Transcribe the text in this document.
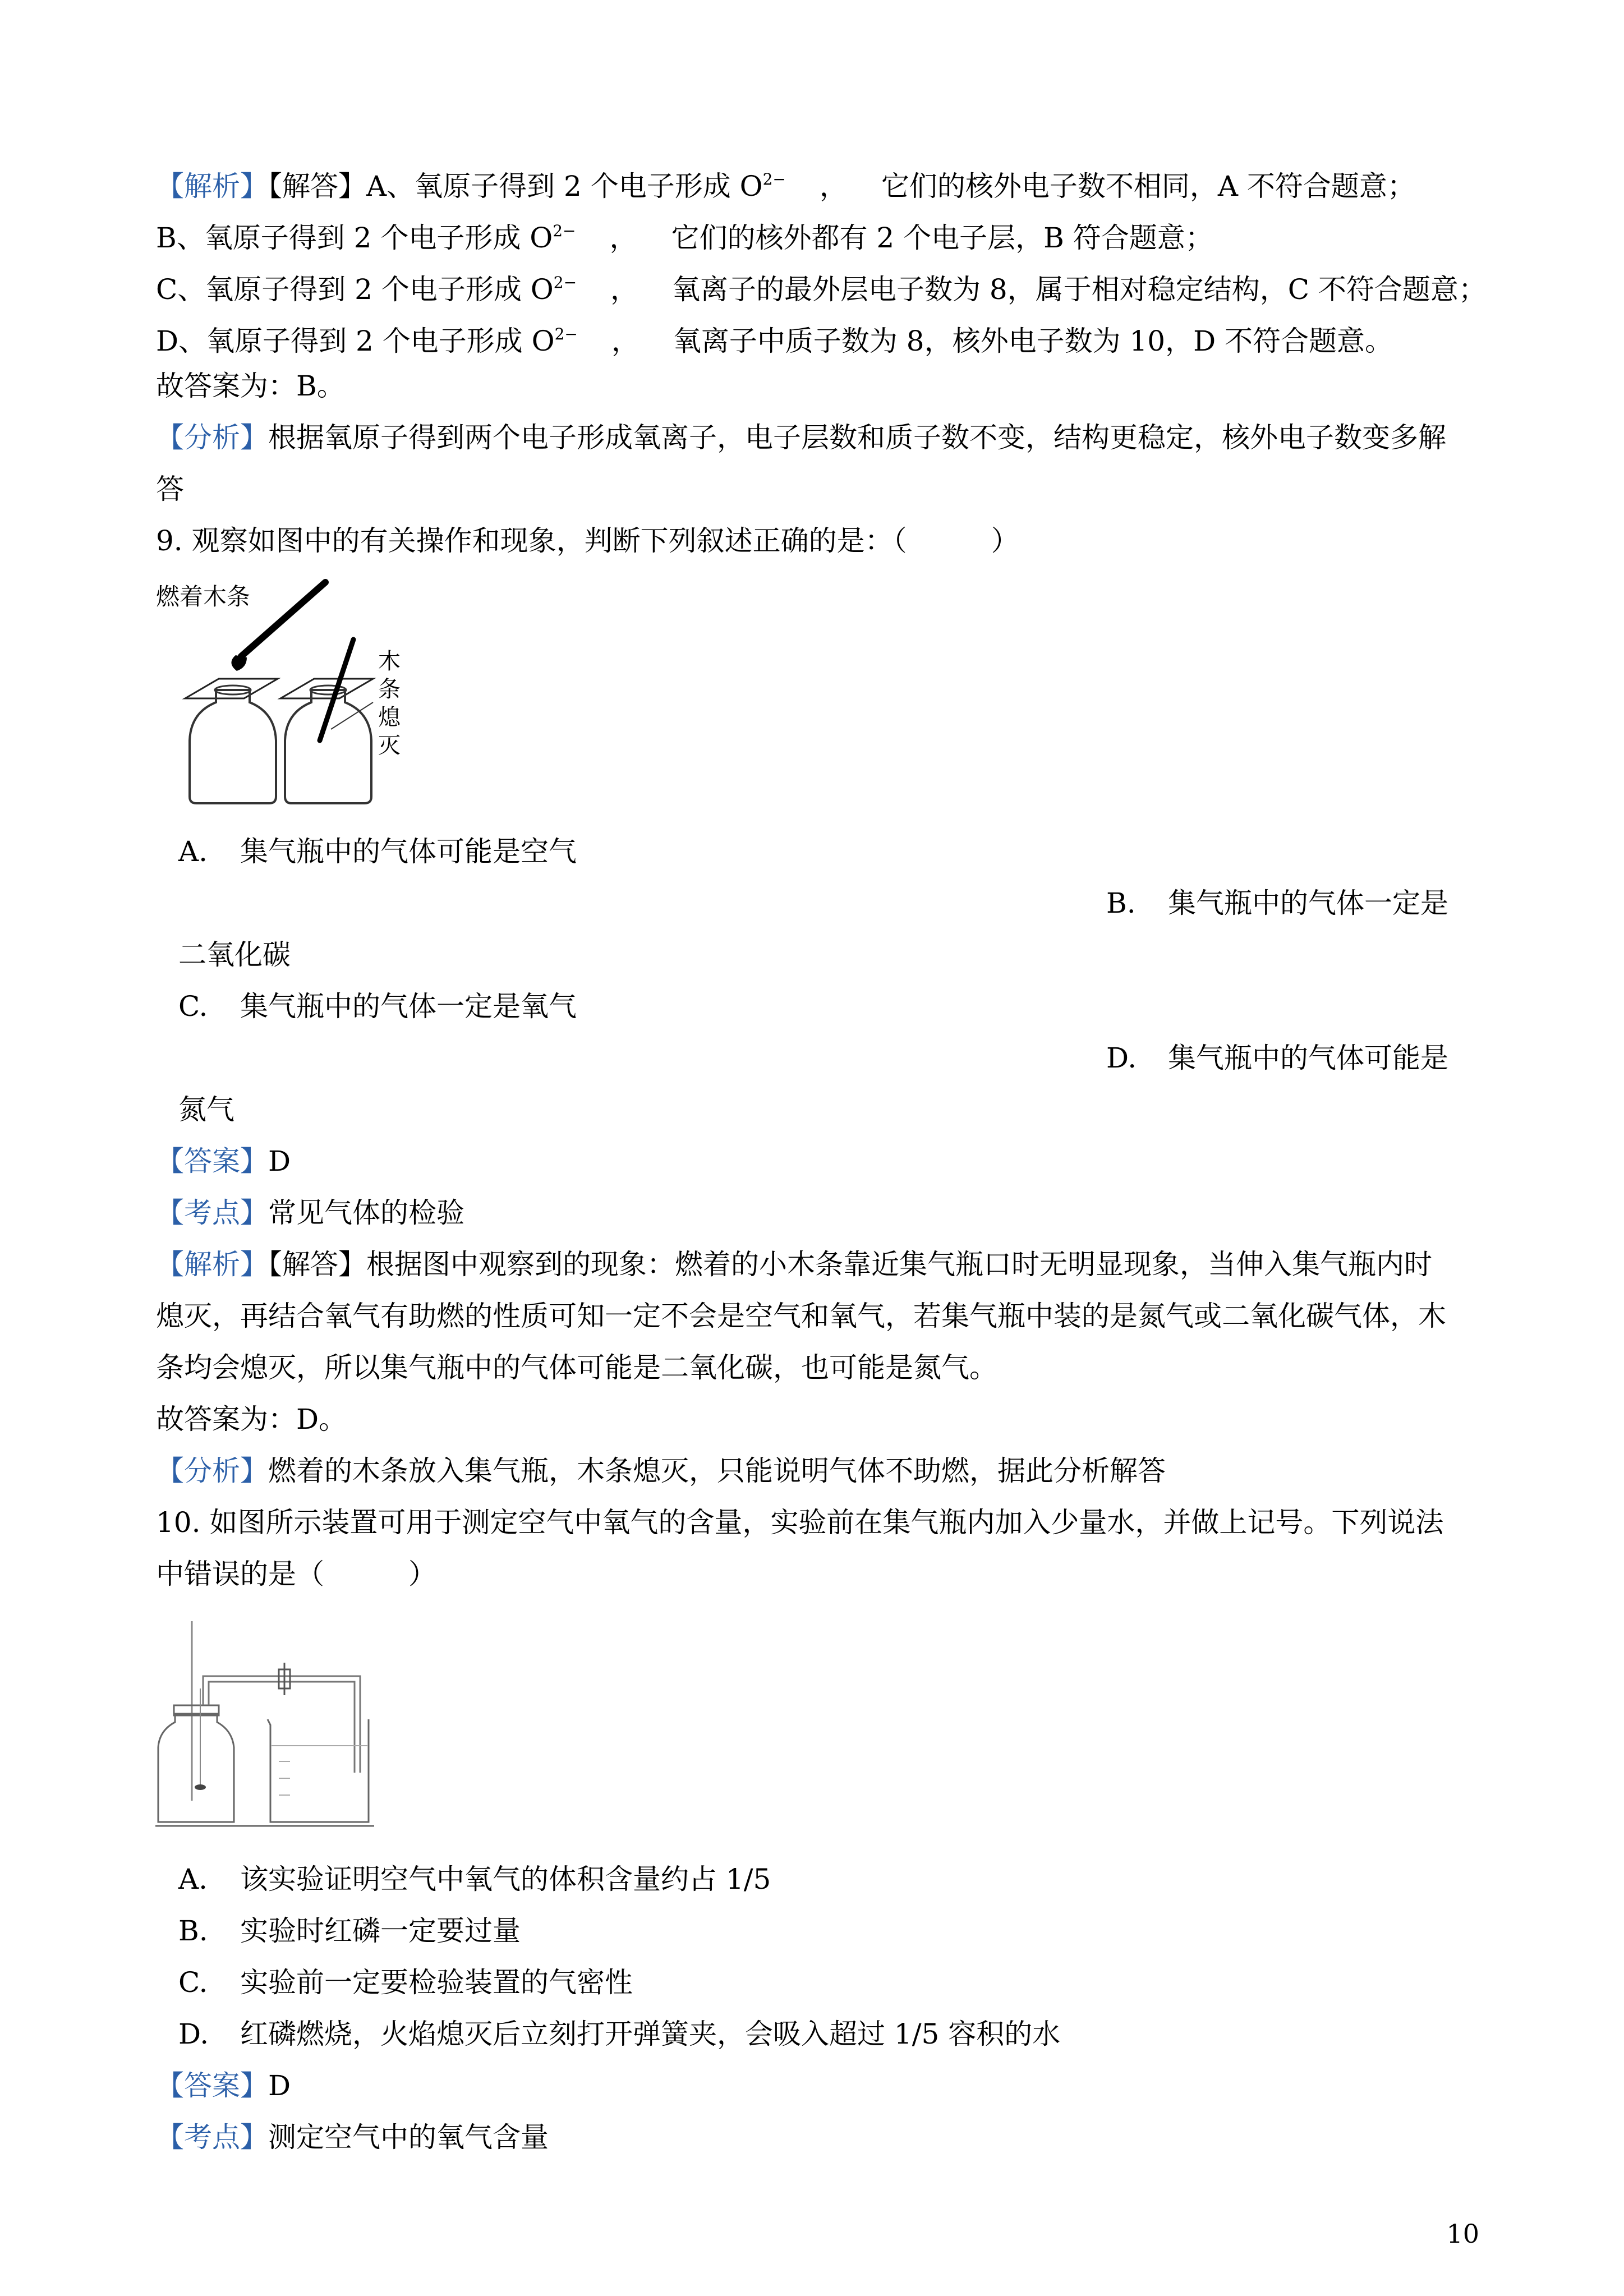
【解析】【解答】A、氧原子得到 2 个电子形成 $O^{2-}$ ， 它们的核外电子数不相同，A 不符合题意；
B、氧原子得到 2 个电子形成 $O^{2-}$ ， 它们的核外都有 2 个电子层，B 符合题意；
C、氧原子得到 2 个电子形成 $O^{2-}$ ， 氧离子的最外层电子数为 8，属于相对稳定结构，C 不符合题意；
D、氧原子得到 2 个电子形成 $O^{2-}$ ， 氧离子中质子数为 8，核外电子数为 10，D 不符合题意。
故答案为：B。
【分析】根据氧原子得到两个电子形成氧离子，电子层数和质子数不变，结构更稳定，核外电子数变多解
答
9. 观察如图中的有关操作和现象，判断下列叙述正确的是：（　　　）
燃着木条
木
条
熄
灭
A. 集气瓶中的气体可能是空气
B. 集气瓶中的气体一定是
二氧化碳
C. 集气瓶中的气体一定是氧气
D. 集气瓶中的气体可能是
氮气
【答案】D
【考点】常见气体的检验
【解析】【解答】根据图中观察到的现象：燃着的小木条靠近集气瓶口时无明显现象，当伸入集气瓶内时
熄灭，再结合氧气有助燃的性质可知一定不会是空气和氧气，若集气瓶中装的是氮气或二氧化碳气体，木
条均会熄灭，所以集气瓶中的气体可能是二氧化碳，也可能是氮气。
故答案为：D。
【分析】燃着的木条放入集气瓶，木条熄灭，只能说明气体不助燃，据此分析解答
10. 如图所示装置可用于测定空气中氧气的含量，实验前在集气瓶内加入少量水，并做上记号。下列说法
中错误的是（　　　）
A. 该实验证明空气中氧气的体积含量约占 1/5
B. 实验时红磷一定要过量
C. 实验前一定要检验装置的气密性
D. 红磷燃烧，火焰熄灭后立刻打开弹簧夹，会吸入超过 1/5 容积的水
【答案】D
【考点】测定空气中的氧气含量
10
